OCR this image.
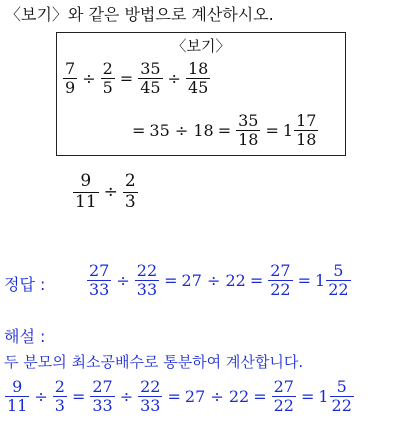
〈보기〉와 같은 방법으로 계산하시오.
〈보기〉
$\frac{7}{9} \div \frac{2}{5} = \frac{35}{45} \div \frac{18}{45}$
= $35 \div 18 = \frac{35}{18} = 1 \frac{17}{18}$
$\frac{9}{11} \div \frac{2}{3}$
정답 :	$\frac{27}{33} \div \frac{22}{33} = 27 \div 22 = \frac{27}{22} = 1 \frac{5}{22}$
해설 :
두 분모의 최소공배수로 통분하여 계산합니다.
$\frac{9}{11} \div \frac{2}{3} = \frac{27}{33} \div \frac{22}{33} = 27 \div 22 = \frac{27}{22} = 1 \frac{5}{22}$
